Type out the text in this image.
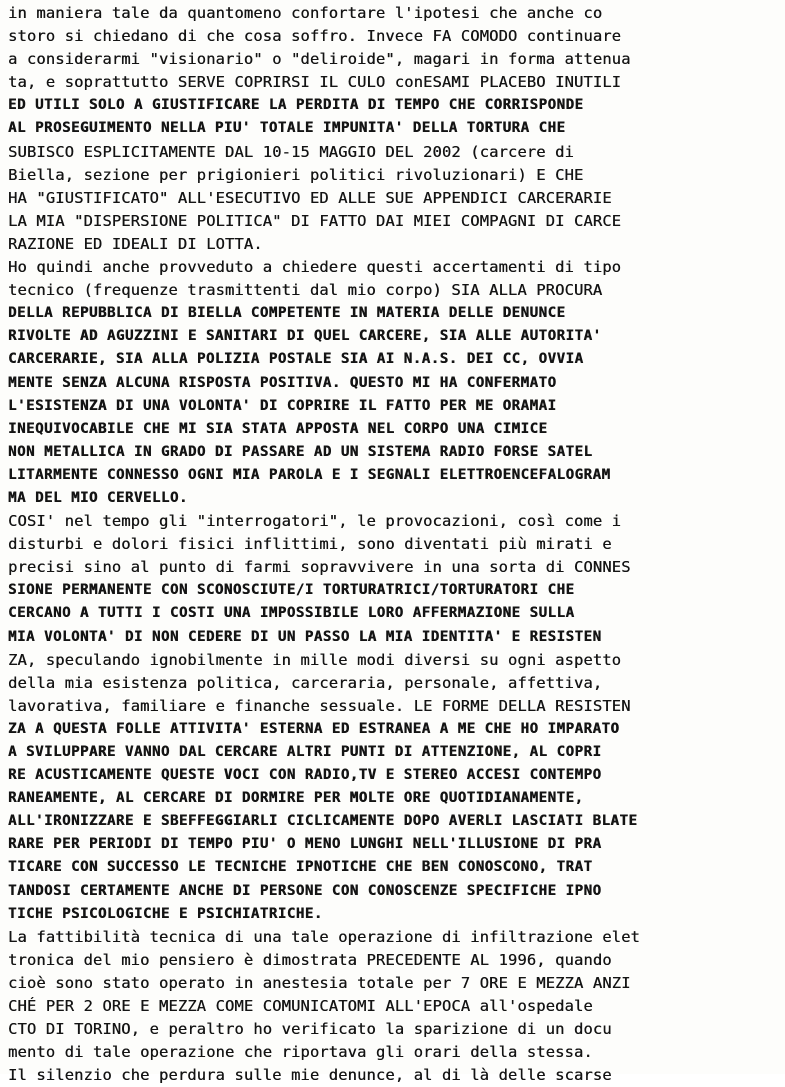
in maniera tale da quantomeno confortare l'ipotesi che anche co
storo si chiedano di che cosa soffro. Invece FA COMODO continuare
a considerarmi "visionario" o "deliroide", magari in forma attenua
ta, e soprattutto SERVE COPRIRSI IL CULO conESAMI PLACEBO INUTILI
ED UTILI SOLO A GIUSTIFICARE LA PERDITA DI TEMPO CHE CORRISPONDE
AL PROSEGUIMENTO NELLA PIU' TOTALE IMPUNITA' DELLA TORTURA CHE
SUBISCO ESPLICITAMENTE DAL 10-15 MAGGIO DEL 2002 (carcere di
Biella, sezione per prigionieri politici rivoluzionari) E CHE
HA "GIUSTIFICATO" ALL'ESECUTIVO ED ALLE SUE APPENDICI CARCERARIE
LA MIA "DISPERSIONE POLITICA" DI FATTO DAI MIEI COMPAGNI DI CARCE
RAZIONE ED IDEALI DI LOTTA.
Ho quindi anche provveduto a chiedere questi accertamenti di tipo
tecnico (frequenze trasmittenti dal mio corpo) SIA ALLA PROCURA
DELLA REPUBBLICA DI BIELLA COMPETENTE IN MATERIA DELLE DENUNCE
RIVOLTE AD AGUZZINI E SANITARI DI QUEL CARCERE, SIA ALLE AUTORITA'
CARCERARIE, SIA ALLA POLIZIA POSTALE SIA AI N.A.S. DEI CC, OVVIA
MENTE SENZA ALCUNA RISPOSTA POSITIVA. QUESTO MI HA CONFERMATO
L'ESISTENZA DI UNA VOLONTA' DI COPRIRE IL FATTO PER ME ORAMAI
INEQUIVOCABILE CHE MI SIA STATA APPOSTA NEL CORPO UNA CIMICE
NON METALLICA IN GRADO DI PASSARE AD UN SISTEMA RADIO FORSE SATEL
LITARMENTE CONNESSO OGNI MIA PAROLA E I SEGNALI ELETTROENCEFALOGRAM
MA DEL MIO CERVELLO.
COSI' nel tempo gli "interrogatori", le provocazioni, così come i
disturbi e dolori fisici inflittimi, sono diventati più mirati e
precisi sino al punto di farmi sopravvivere in una sorta di CONNES
SIONE PERMANENTE CON SCONOSCIUTE/I TORTURATRICI/TORTURATORI CHE
CERCANO A TUTTI I COSTI UNA IMPOSSIBILE LORO AFFERMAZIONE SULLA
MIA VOLONTA' DI NON CEDERE DI UN PASSO LA MIA IDENTITA' E RESISTEN
ZA, speculando ignobilmente in mille modi diversi su ogni aspetto
della mia esistenza politica, carceraria, personale, affettiva,
lavorativa, familiare e finanche sessuale. LE FORME DELLA RESISTEN
ZA A QUESTA FOLLE ATTIVITA' ESTERNA ED ESTRANEA A ME CHE HO IMPARATO
A SVILUPPARE VANNO DAL CERCARE ALTRI PUNTI DI ATTENZIONE, AL COPRI
RE ACUSTICAMENTE QUESTE VOCI CON RADIO,TV E STEREO ACCESI CONTEMPO
RANEAMENTE, AL CERCARE DI DORMIRE PER MOLTE ORE QUOTIDIANAMENTE,
ALL'IRONIZZARE E SBEFFEGGIARLI CICLICAMENTE DOPO AVERLI LASCIATI BLATE
RARE PER PERIODI DI TEMPO PIU' O MENO LUNGHI NELL'ILLUSIONE DI PRA
TICARE CON SUCCESSO LE TECNICHE IPNOTICHE CHE BEN CONOSCONO, TRAT
TANDOSI CERTAMENTE ANCHE DI PERSONE CON CONOSCENZE SPECIFICHE IPNO
TICHE PSICOLOGICHE E PSICHIATRICHE.
La fattibilità tecnica di una tale operazione di infiltrazione elet
tronica del mio pensiero è dimostrata PRECEDENTE AL 1996, quando
cioè sono stato operato in anestesia totale per 7 ORE E MEZZA ANZI
CHÉ PER 2 ORE E MEZZA COME COMUNICATOMI ALL'EPOCA all'ospedale
CTO DI TORINO, e peraltro ho verificato la sparizione di un docu
mento di tale operazione che riportava gli orari della stessa.
Il silenzio che perdura sulle mie denunce, al di là delle scarse
